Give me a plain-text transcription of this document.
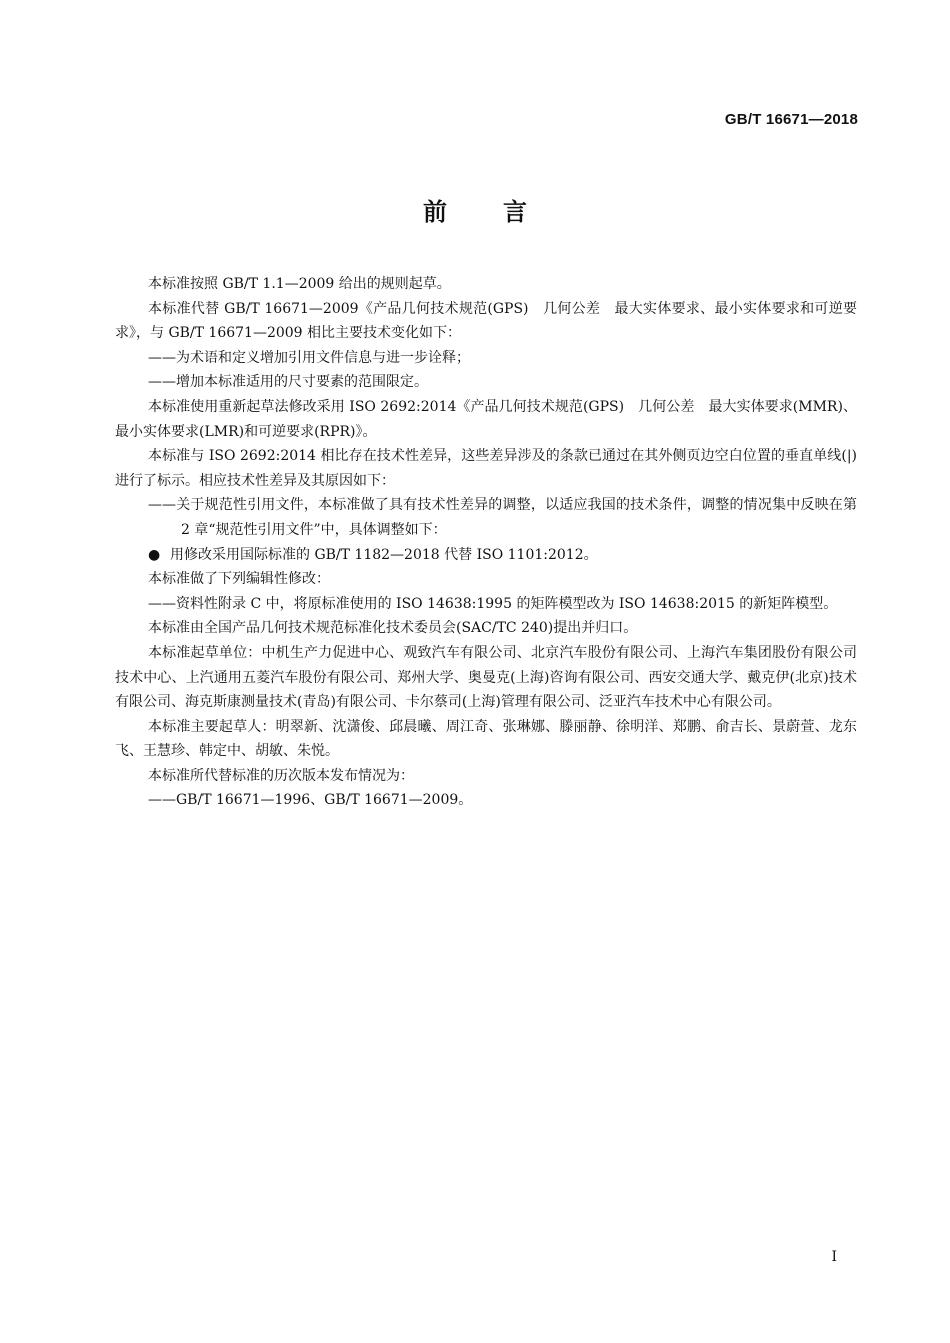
GB/T 16671—2018
前言

本标准按照 GB/T 1.1—2009 给出的规则起草。

本标准代替 GB/T 16671—2009《产品几何技术规范(GPS)　几何公差　最大实体要求、最小实体要求和可逆要求》，与 GB/T 16671—2009 相比主要技术变化如下：

——为术语和定义增加引用文件信息与进一步诠释；

——增加本标准适用的尺寸要素的范围限定。

本标准使用重新起草法修改采用 ISO 2692:2014《产品几何技术规范(GPS)　几何公差　最大实体要求(MMR)、最小实体要求(LMR)和可逆要求(RPR)》。

本标准与 ISO 2692:2014 相比存在技术性差异，这些差异涉及的条款已通过在其外侧页边空白位置的垂直单线(|)进行了标示。相应技术性差异及其原因如下：

——关于规范性引用文件，本标准做了具有技术性差异的调整，以适应我国的技术条件，调整的情况集中反映在第 2 章“规范性引用文件”中，具体调整如下：

● 用修改采用国际标准的 GB/T 1182—2018 代替 ISO 1101:2012。

本标准做了下列编辑性修改：

——资料性附录 C 中，将原标准使用的 ISO 14638:1995 的矩阵模型改为 ISO 14638:2015 的新矩阵模型。

本标准由全国产品几何技术规范标准化技术委员会(SAC/TC 240)提出并归口。

本标准起草单位：中机生产力促进中心、观致汽车有限公司、北京汽车股份有限公司、上海汽车集团股份有限公司技术中心、上汽通用五菱汽车股份有限公司、郑州大学、奥曼克(上海)咨询有限公司、西安交通大学、戴克伊(北京)技术有限公司、海克斯康测量技术(青岛)有限公司、卡尔蔡司(上海)管理有限公司、泛亚汽车技术中心有限公司。

本标准主要起草人：明翠新、沈潇俊、邱晨曦、周江奇、张琳娜、滕丽静、徐明洋、郑鹏、俞吉长、景蔚萱、龙东飞、王慧珍、韩定中、胡敏、朱悦。

本标准所代替标准的历次版本发布情况为：

——GB/T 16671—1996、GB/T 16671—2009。

I
